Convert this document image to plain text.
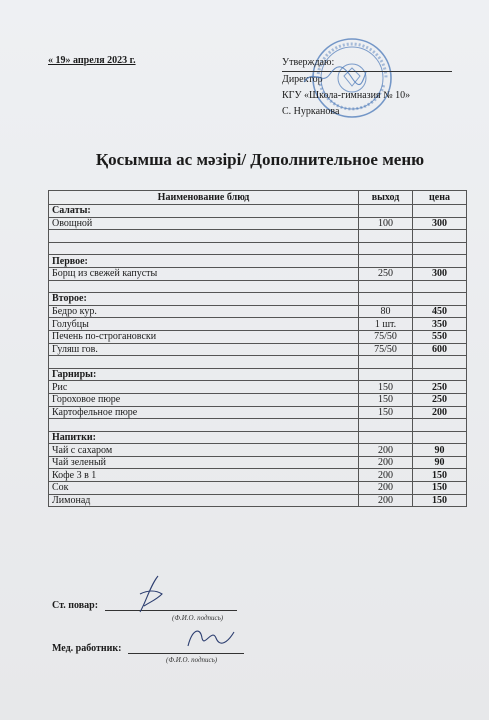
« 19» апреля 2023 г.	Утверждаю:
Директор
КГУ «Школа-гимназия № 10»
С. Нурканова
Қосымша ас мәзірі/ Дополнительное меню
Наименование блюд	выход	цена
Салаты:		
Овощной	100	300

Первое:		
Борщ из свежей капусты	250	300

Второе:		
Бедро кур.	80	450
Голубцы	1 шт.	350
Печень по-строгановски	75/50	550
Гуляш гов.	75/50	600

Гарниры:		
Рис	150	250
Гороховое пюре	150	250
Картофельное пюре	150	200

Напитки:		
Чай с сахаром	200	90
Чай зеленый	200	90
Кофе 3 в 1	200	150
Сок	200	150
Лимонад	200	150
Ст. повар:
(Ф.И.О. подпись)
Мед. работник:
(Ф.И.О. подпись)
